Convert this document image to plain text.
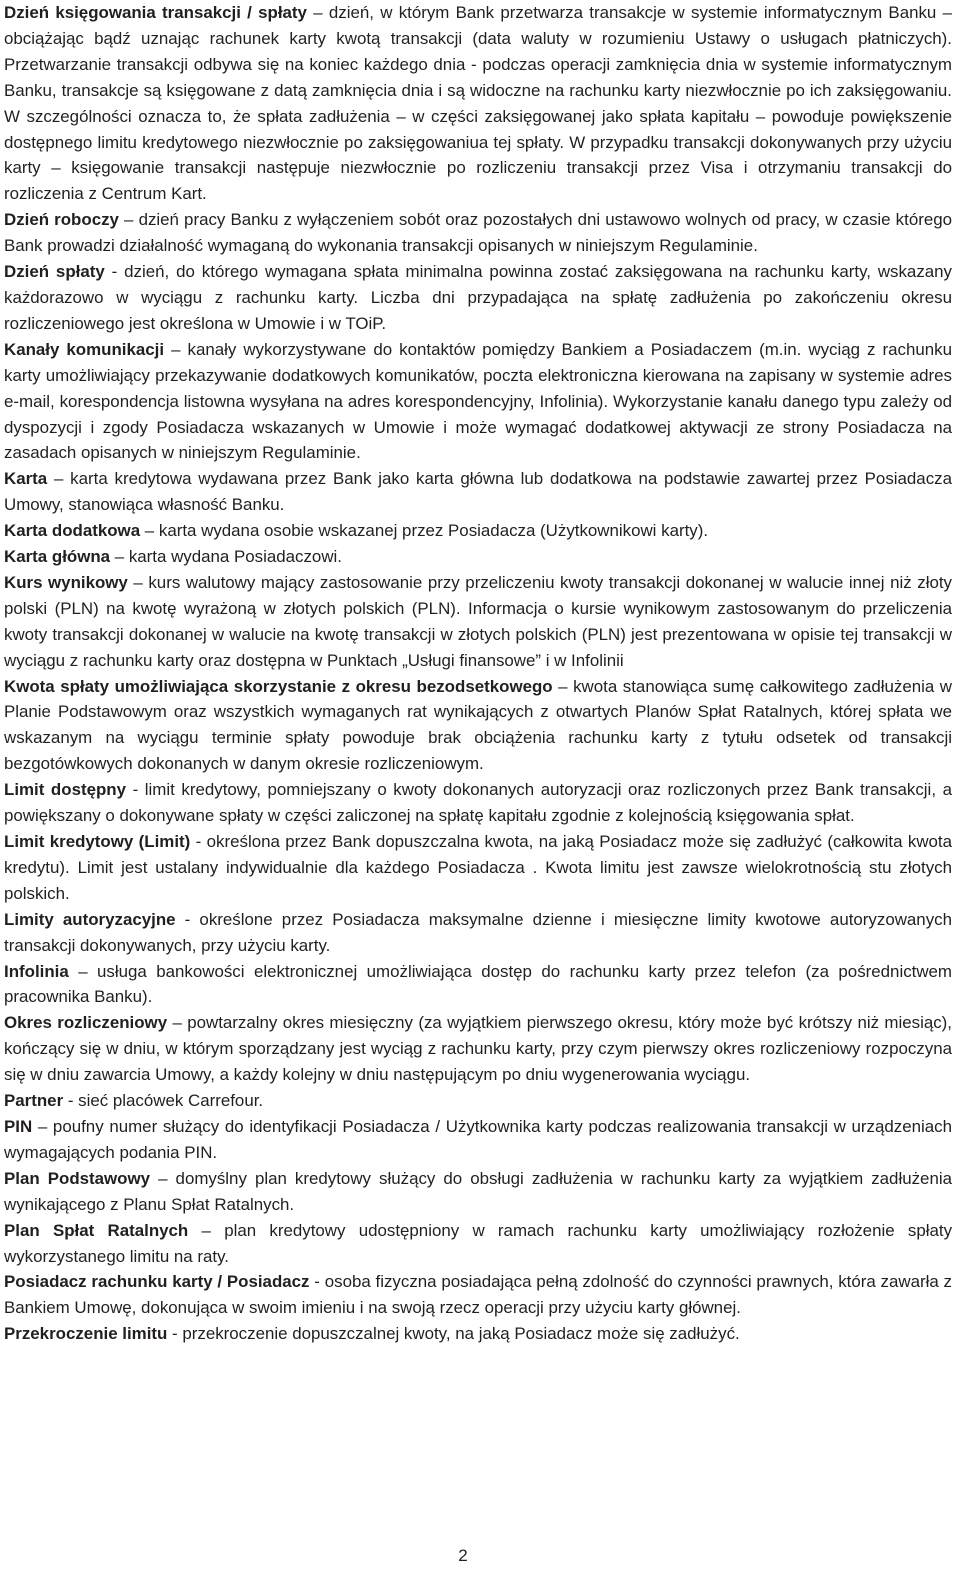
Dzień księgowania transakcji / spłaty – dzień, w którym Bank przetwarza transakcje w systemie informatycznym Banku – obciążając bądź uznając rachunek karty kwotą transakcji (data waluty w rozumieniu Ustawy o usługach płatniczych). Przetwarzanie transakcji odbywa się na koniec każdego dnia - podczas operacji zamknięcia dnia w systemie informatycznym Banku, transakcje są księgowane z datą zamknięcia dnia i są widoczne na rachunku karty niezwłocznie po ich zaksięgowaniu. W szczególności oznacza to, że spłata zadłużenia – w części zaksięgowanej jako spłata kapitału – powoduje powiększenie dostępnego limitu kredytowego niezwłocznie po zaksięgowaniua tej spłaty. W przypadku transakcji dokonywanych przy użyciu karty – księgowanie transakcji następuje niezwłocznie po rozliczeniu transakcji przez Visa i otrzymaniu transakcji do rozliczenia z Centrum Kart.

Dzień roboczy – dzień pracy Banku z wyłączeniem sobót oraz pozostałych dni ustawowo wolnych od pracy, w czasie którego Bank prowadzi działalność wymaganą do wykonania transakcji opisanych w niniejszym Regulaminie.

Dzień spłaty - dzień, do którego wymagana spłata minimalna powinna zostać zaksięgowana na rachunku karty, wskazany każdorazowo w wyciągu z rachunku karty. Liczba dni przypadająca na spłatę zadłużenia po zakończeniu okresu rozliczeniowego jest określona w Umowie i w TOiP.

Kanały komunikacji – kanały wykorzystywane do kontaktów pomiędzy Bankiem a Posiadaczem (m.in. wyciąg z rachunku karty umożliwiający przekazywanie dodatkowych komunikatów, poczta elektroniczna kierowana na zapisany w systemie adres e-mail, korespondencja listowna wysyłana na adres korespondencyjny, Infolinia). Wykorzystanie kanału danego typu zależy od dyspozycji i zgody Posiadacza wskazanych w Umowie i może wymagać dodatkowej aktywacji ze strony Posiadacza na zasadach opisanych w niniejszym Regulaminie.

Karta – karta kredytowa wydawana przez Bank jako karta główna lub dodatkowa na podstawie zawartej przez Posiadacza Umowy, stanowiąca własność Banku.

Karta dodatkowa – karta wydana osobie wskazanej przez Posiadacza (Użytkownikowi karty).

Karta główna – karta wydana Posiadaczowi.

Kurs wynikowy – kurs walutowy mający zastosowanie przy przeliczeniu kwoty transakcji dokonanej w walucie innej niż złoty polski (PLN) na kwotę wyrażoną w złotych polskich (PLN). Informacja o kursie wynikowym zastosowanym do przeliczenia kwoty transakcji dokonanej w walucie na kwotę transakcji w złotych polskich (PLN) jest prezentowana w opisie tej transakcji w wyciągu z rachunku karty oraz dostępna w Punktach „Usługi finansowe” i w Infolinii

Kwota spłaty umożliwiająca skorzystanie z okresu bezodsetkowego – kwota stanowiąca sumę całkowitego zadłużenia w Planie Podstawowym oraz wszystkich wymaganych rat wynikających z otwartych Planów Spłat Ratalnych, której spłata we wskazanym na wyciągu terminie spłaty powoduje brak obciążenia rachunku karty z tytułu odsetek od transakcji bezgotówkowych dokonanych w danym okresie rozliczeniowym.

Limit dostępny - limit kredytowy, pomniejszany o kwoty dokonanych autoryzacji oraz rozliczonych przez Bank transakcji, a powiększany o dokonywane spłaty w części zaliczonej na spłatę kapitału zgodnie z kolejnością księgowania spłat.

Limit kredytowy (Limit) - określona przez Bank dopuszczalna kwota, na jaką Posiadacz może się zadłużyć (całkowita kwota kredytu). Limit jest ustalany indywidualnie dla każdego Posiadacza . Kwota limitu jest zawsze wielokrotnością stu złotych polskich.

Limity autoryzacyjne - określone przez Posiadacza maksymalne dzienne i miesięczne limity kwotowe autoryzowanych transakcji dokonywanych, przy użyciu karty.

Infolinia – usługa bankowości elektronicznej umożliwiająca dostęp do rachunku karty przez telefon (za pośrednictwem pracownika Banku).

Okres rozliczeniowy – powtarzalny okres miesięczny (za wyjątkiem pierwszego okresu, który może być krótszy niż miesiąc), kończący się w dniu, w którym sporządzany jest wyciąg z rachunku karty, przy czym pierwszy okres rozliczeniowy rozpoczyna się w dniu zawarcia Umowy, a każdy kolejny w dniu następującym po dniu wygenerowania wyciągu.

Partner - sieć placówek Carrefour.

PIN – poufny numer służący do identyfikacji Posiadacza / Użytkownika karty podczas realizowania transakcji w urządzeniach wymagających podania PIN.

Plan Podstawowy – domyślny plan kredytowy służący do obsługi zadłużenia w rachunku karty za wyjątkiem zadłużenia wynikającego z Planu Spłat Ratalnych.

Plan Spłat Ratalnych – plan kredytowy udostępniony w ramach rachunku karty umożliwiający rozłożenie spłaty wykorzystanego limitu na raty.

Posiadacz rachunku karty / Posiadacz - osoba fizyczna posiadająca pełną zdolność do czynności prawnych, która zawarła z Bankiem Umowę, dokonująca w swoim imieniu i na swoją rzecz operacji przy użyciu karty głównej.

Przekroczenie limitu - przekroczenie dopuszczalnej kwoty, na jaką Posiadacz może się zadłużyć.

2
